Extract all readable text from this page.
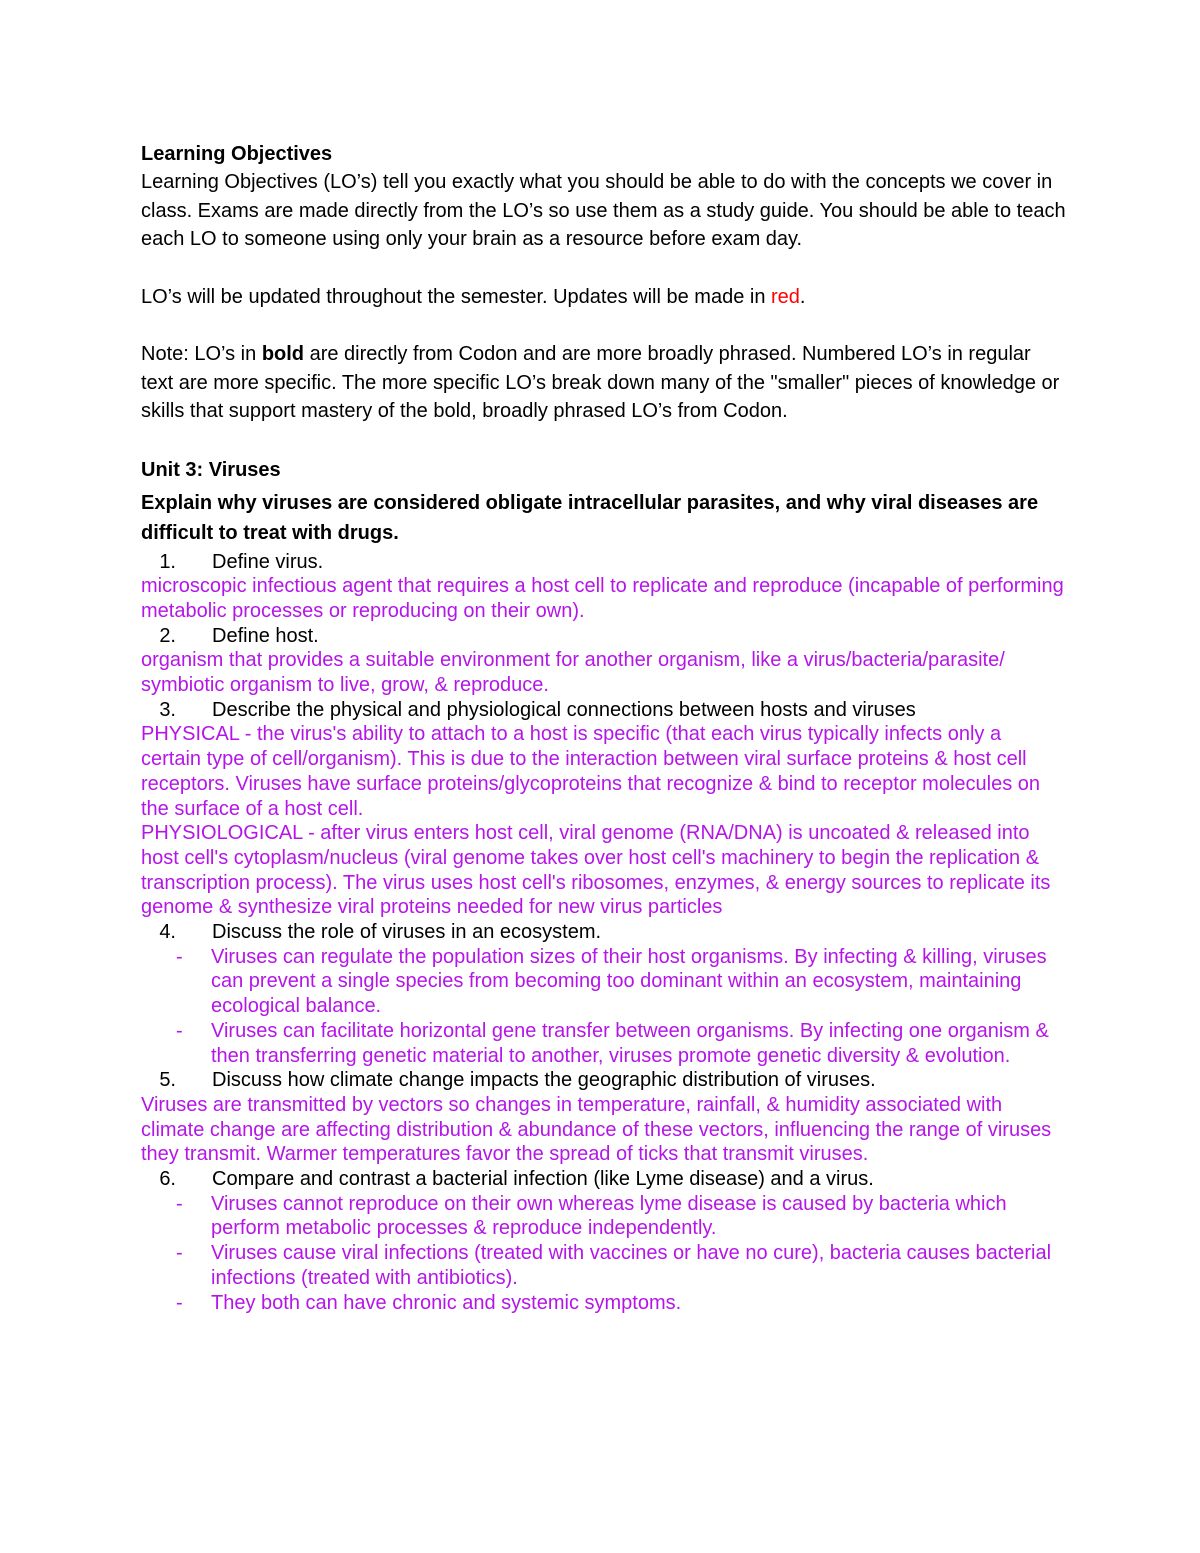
Learning Objectives

Learning Objectives (LO’s) tell you exactly what you should be able to do with the concepts we cover in class. Exams are made directly from the LO’s so use them as a study guide. You should be able to teach each LO to someone using only your brain as a resource before exam day.

LO’s will be updated throughout the semester. Updates will be made in red.

Note: LO’s in bold are directly from Codon and are more broadly phrased. Numbered LO’s in regular text are more specific. The more specific LO’s break down many of the "smaller" pieces of knowledge or skills that support mastery of the bold, broadly phrased LO’s from Codon.

Unit 3: Viruses

Explain why viruses are considered obligate intracellular parasites, and why viral diseases are difficult to treat with drugs.

1. Define virus.

microscopic infectious agent that requires a host cell to replicate and reproduce (incapable of performing metabolic processes or reproducing on their own).

2. Define host.

organism that provides a suitable environment for another organism, like a virus/bacteria/parasite/ symbiotic organism to live, grow, & reproduce.

3. Describe the physical and physiological connections between hosts and viruses

PHYSICAL - the virus's ability to attach to a host is specific (that each virus typically infects only a certain type of cell/organism). This is due to the interaction between viral surface proteins & host cell receptors. Viruses have surface proteins/glycoproteins that recognize & bind to receptor molecules on the surface of a host cell.

PHYSIOLOGICAL - after virus enters host cell, viral genome (RNA/DNA) is uncoated & released into host cell's cytoplasm/nucleus (viral genome takes over host cell's machinery to begin the replication & transcription process). The virus uses host cell's ribosomes, enzymes, & energy sources to replicate its genome & synthesize viral proteins needed for new virus particles

4. Discuss the role of viruses in an ecosystem.

- Viruses can regulate the population sizes of their host organisms. By infecting & killing, viruses can prevent a single species from becoming too dominant within an ecosystem, maintaining ecological balance.

- Viruses can facilitate horizontal gene transfer between organisms. By infecting one organism & then transferring genetic material to another, viruses promote genetic diversity & evolution.

5. Discuss how climate change impacts the geographic distribution of viruses.

Viruses are transmitted by vectors so changes in temperature, rainfall, & humidity associated with climate change are affecting distribution & abundance of these vectors, influencing the range of viruses they transmit. Warmer temperatures favor the spread of ticks that transmit viruses.

6. Compare and contrast a bacterial infection (like Lyme disease) and a virus.

- Viruses cannot reproduce on their own whereas lyme disease is caused by bacteria which perform metabolic processes & reproduce independently.

- Viruses cause viral infections (treated with vaccines or have no cure), bacteria causes bacterial infections (treated with antibiotics).

- They both can have chronic and systemic symptoms.
